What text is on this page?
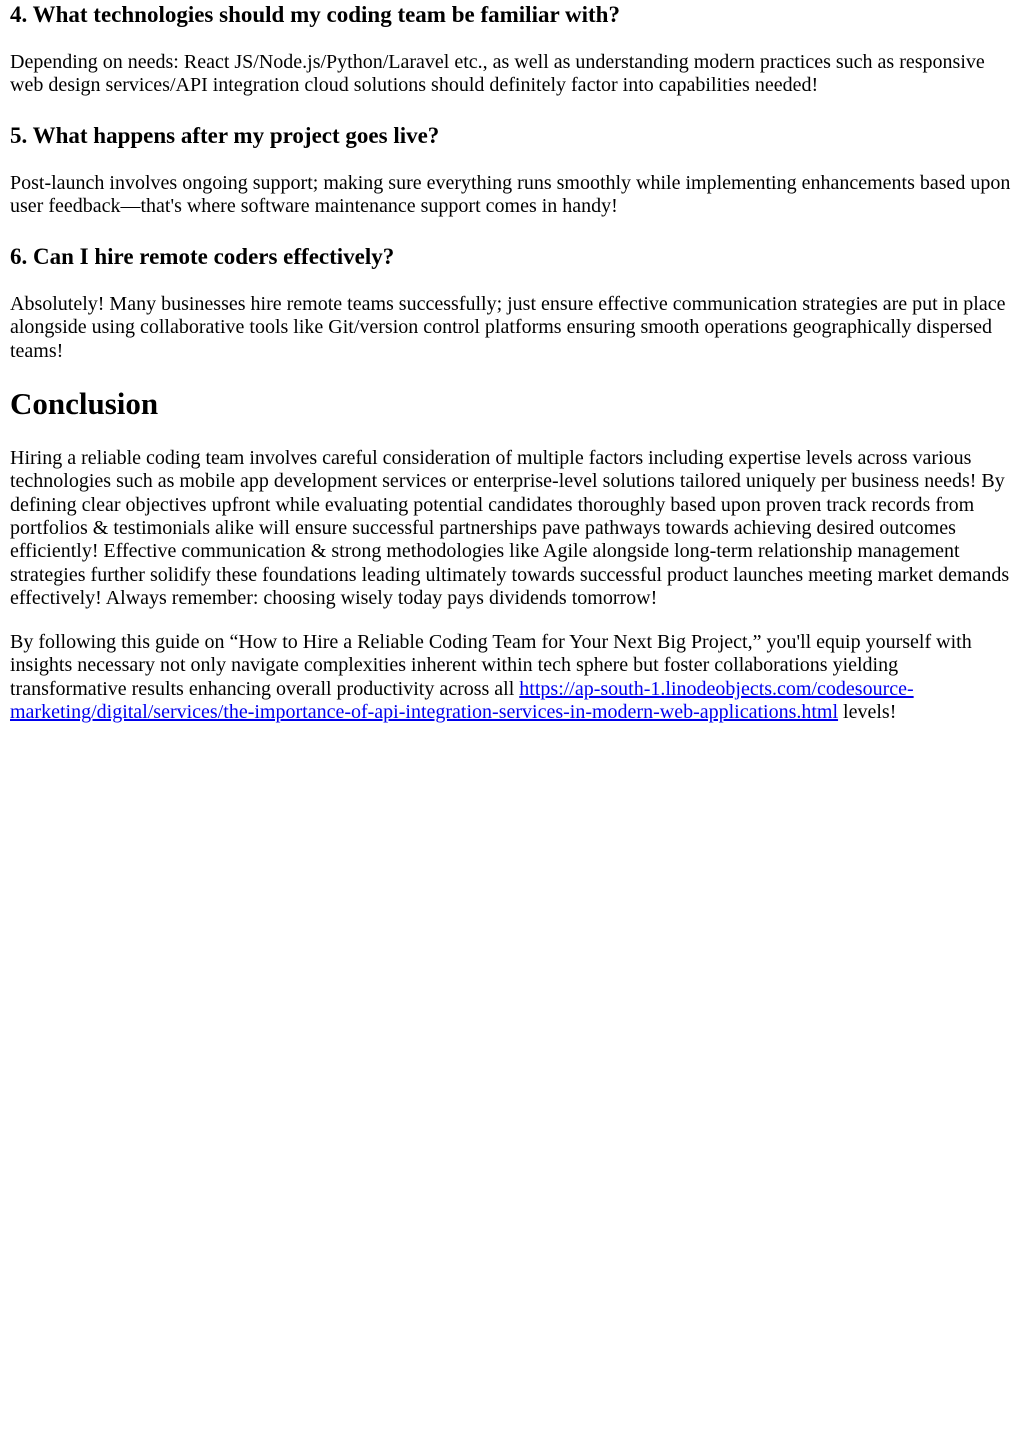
4. What technologies should my coding team be familiar with?

Depending on needs: React JS/Node.js/Python/Laravel etc., as well as understanding modern practices such as responsive web design services/API integration cloud solutions should definitely factor into capabilities needed!

5. What happens after my project goes live?

Post-launch involves ongoing support; making sure everything runs smoothly while implementing enhancements based upon user feedback—that's where software maintenance support comes in handy!

6. Can I hire remote coders effectively?

Absolutely! Many businesses hire remote teams successfully; just ensure effective communication strategies are put in place alongside using collaborative tools like Git/version control platforms ensuring smooth operations geographically dispersed teams!

Conclusion

Hiring a reliable coding team involves careful consideration of multiple factors including expertise levels across various technologies such as mobile app development services or enterprise-level solutions tailored uniquely per business needs! By defining clear objectives upfront while evaluating potential candidates thoroughly based upon proven track records from portfolios & testimonials alike will ensure successful partnerships pave pathways towards achieving desired outcomes efficiently! Effective communication & strong methodologies like Agile alongside long-term relationship management strategies further solidify these foundations leading ultimately towards successful product launches meeting market demands effectively! Always remember: choosing wisely today pays dividends tomorrow!

By following this guide on “How to Hire a Reliable Coding Team for Your Next Big Project,” you'll equip yourself with insights necessary not only navigate complexities inherent within tech sphere but foster collaborations yielding transformative results enhancing overall productivity across all https://ap-south-1.linodeobjects.com/codesource-marketing/digital/services/the-importance-of-api-integration-services-in-modern-web-applications.html levels!
